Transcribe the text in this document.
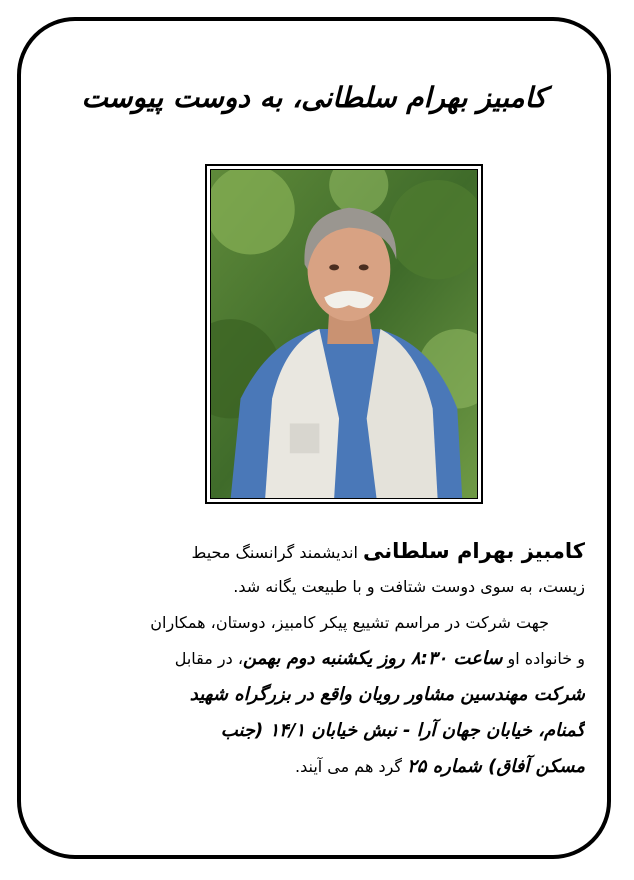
کامبیز بهرام سلطانی، به دوست پیوست
کامبیز بهرام سلطانی اندیشمند گرانسنگ محیط
زیست، به سوی دوست شتافت و با طبیعت یگانه شد.
جهت شرکت در مراسم تشییع پیکر کامبیز، دوستان، همکاران
و خانواده او ساعت ۸:۳۰ روز یکشنبه دوم بهمن، در مقابل
شرکت مهندسین مشاور رویان واقع در بزرگراه شهید
گمنام، خیابان جهان آرا - نبش خیابان ۱۴/۱ (جنب
مسکن آفاق) شماره ۲۵ گرد هم می آیند.
